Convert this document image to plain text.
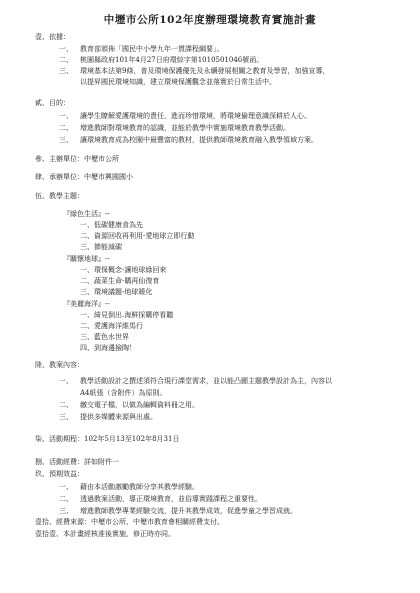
中壢市公所102年度辦理環境教育實施計畫
壹、依據：
一、 教育部頒佈「國民中小學九年一貫課程綱要」。
二、 桃園縣政府101年4月27日府環綜字第1010501046號函。
三、 環境基本法第9條，普及環境保護優先及永續發展相關之教育及學習，加強宣導，
以提昇國民環境知識，建立環境保護觀念並落實於日常生活中。
貳、目的：
一、 讓學生瞭解愛護環境的責任，進而珍惜環境，將環境倫理意識深耕於人心。
二、 增進教師對環境教育的認識，並能於教學中實施環境教育教學活動。
三、 讓環境教育成為校園中最豐富的教材，提供教師環境教育融入教學領域方案。
參、主辦單位：中壢市公所
肆、承辦單位：中壢市興國國小
伍、教學主題：
『綠色生活』--
一、低碳健康食為先
二、資源回收再利用-愛地球立即行動
三、節能減碳
『關懷地球』--
一、環保概念-讓地球綠回來
二、蔬菜生命-購再仙復育
三、環境議題-地球暖化
『美麗海洋』--
一、綺見倒出.海鮮採購停看聽
二、愛護海洋維馬行
三、藍色水世界
四、到海邊撿陶！
陸、教案內容：
一、 教學活動設計之撰述須符合現行課堂需求，並以能凸顯主題教學設計為主，內容以
A4紙張（含附件）為原則。
二、 繳交電子檔，以做為編輯資料冊之用。
三、 提供多媒體來源與出處。
柒、活動期程：102年5月13至102年8月31日
捌、活動經費：詳如附件一
玖、預期效益：
一、 藉由本活動激勵教師分享其教學經驗。
二、 透過教案活動，導正環境教育，並俗導實踐課程之重要性。
三、 增進教師教學專業經驗交流，提升其教學成效，促進學童之學習成就。
壹拾、經費來源：中壢市公所、中壢市教育會相關經費支付。
壹拾壹、本計畫經核准後實施，修正時亦同。
